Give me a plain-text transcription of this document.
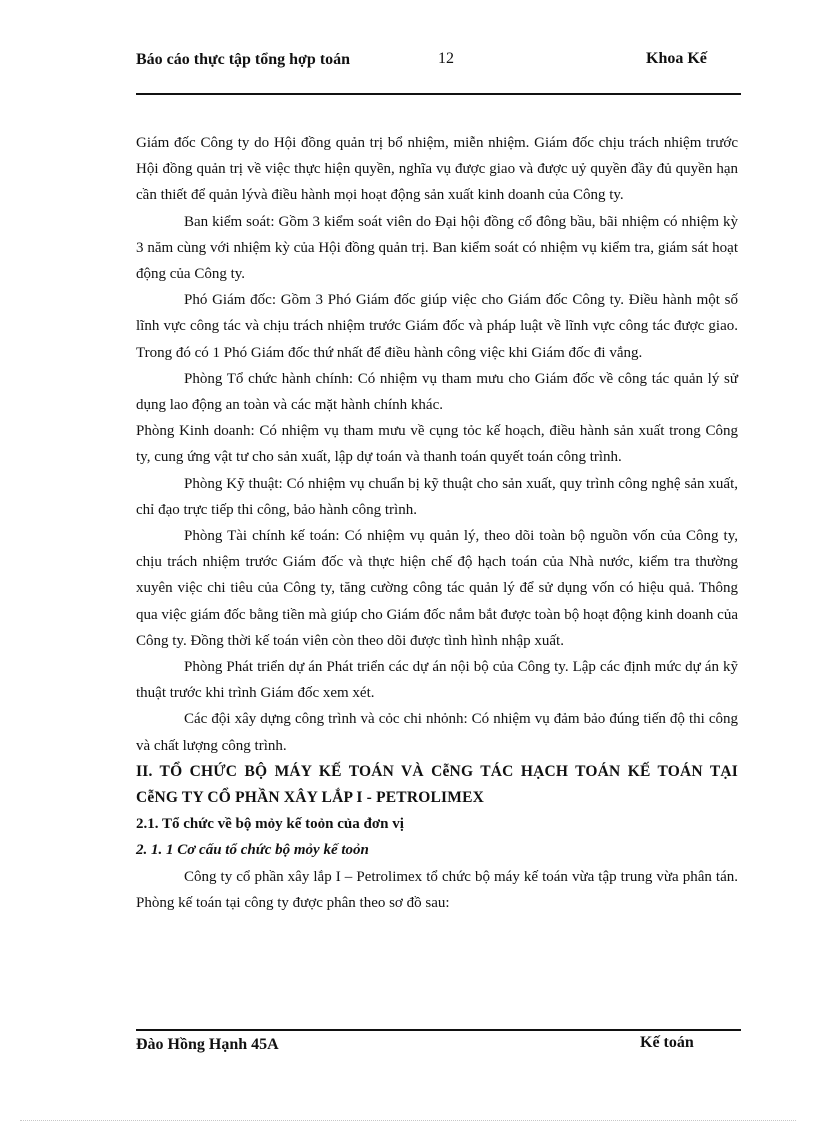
Báo cáo thực tập tổng hợp toán	12	Khoa Kế

Giám đốc Công ty do Hội đồng quản trị bổ nhiệm, miễn nhiệm. Giám đốc chịu trách nhiệm trước Hội đồng quản trị về việc thực hiện quyền, nghĩa vụ được giao và được uỷ quyền đầy đủ quyền hạn cần thiết để quản lývà điều hành mọi hoạt động sản xuất kinh doanh của Công ty.

Ban kiểm soát: Gồm 3 kiểm soát viên do Đại hội đồng cổ đông bầu, bãi nhiệm có nhiệm kỳ 3 năm cùng với nhiệm kỳ của Hội đồng quản trị. Ban kiểm soát có nhiệm vụ kiểm tra, giám sát hoạt động của Công ty.

Phó Giám đốc: Gồm 3 Phó Giám đốc giúp việc cho Giám đốc Công ty. Điều hành một số lĩnh vực công tác và chịu trách nhiệm trước Giám đốc và pháp luật về lĩnh vực công tác được giao. Trong đó có 1 Phó Giám đốc thứ nhất để điều hành công việc khi Giám đốc đi vắng.

Phòng Tổ chức hành chính: Có nhiệm vụ tham mưu cho Giám đốc về công tác quản lý sử dụng lao động an toàn và các mặt hành chính khác.

Phòng Kinh doanh: Có nhiệm vụ tham mưu về cụng tỏc kế hoạch, điều hành sản xuất trong Công ty, cung ứng vật tư cho sản xuất, lập dự toán và thanh toán quyết toán công trình.

Phòng Kỹ thuật: Có nhiệm vụ chuẩn bị kỹ thuật cho sản xuất, quy trình công nghệ sản xuất, chỉ đạo trực tiếp thi công, bảo hành công trình.

Phòng Tài chính kế toán: Có nhiệm vụ quản lý, theo dõi toàn bộ nguồn vốn của Công ty, chịu trách nhiệm trước Giám đốc và thực hiện chế độ hạch toán của Nhà nước, kiểm tra thường xuyên việc chi tiêu của Công ty, tăng cường công tác quản lý để sử dụng vốn có hiệu quả. Thông qua việc giám đốc bằng tiền mà giúp cho Giám đốc nắm bắt được toàn bộ hoạt động kinh doanh của Công ty. Đồng thời kế toán viên còn theo dõi được tình hình nhập xuất.

Phòng Phát triển dự án Phát triển các dự án nội bộ của Công ty. Lập các định mức dự án kỹ thuật trước khi trình Giám đốc xem xét.

Các đội xây dựng công trình và cỏc chi nhỏnh: Có nhiệm vụ đảm bảo đúng tiến độ thi công và chất lượng công trình.

II. TỔ CHỨC BỘ MÁY KẾ TOÁN VÀ CễNG TÁC HẠCH TOÁN KẾ TOÁN TẠI CễNG TY CỔ PHẦN XÂY LẮP I - PETROLIMEX

2.1. Tổ chức về bộ mỏy kế toỏn của đơn vị

2. 1. 1 Cơ cấu tổ chức bộ mỏy kế toỏn

Công ty cổ phần xây lắp I – Petrolimex tổ chức bộ máy kế toán vừa tập trung vừa phân tán. Phòng kế toán tại công ty được phân theo sơ đồ sau:

Đào Hồng Hạnh 45A	Kế toán
